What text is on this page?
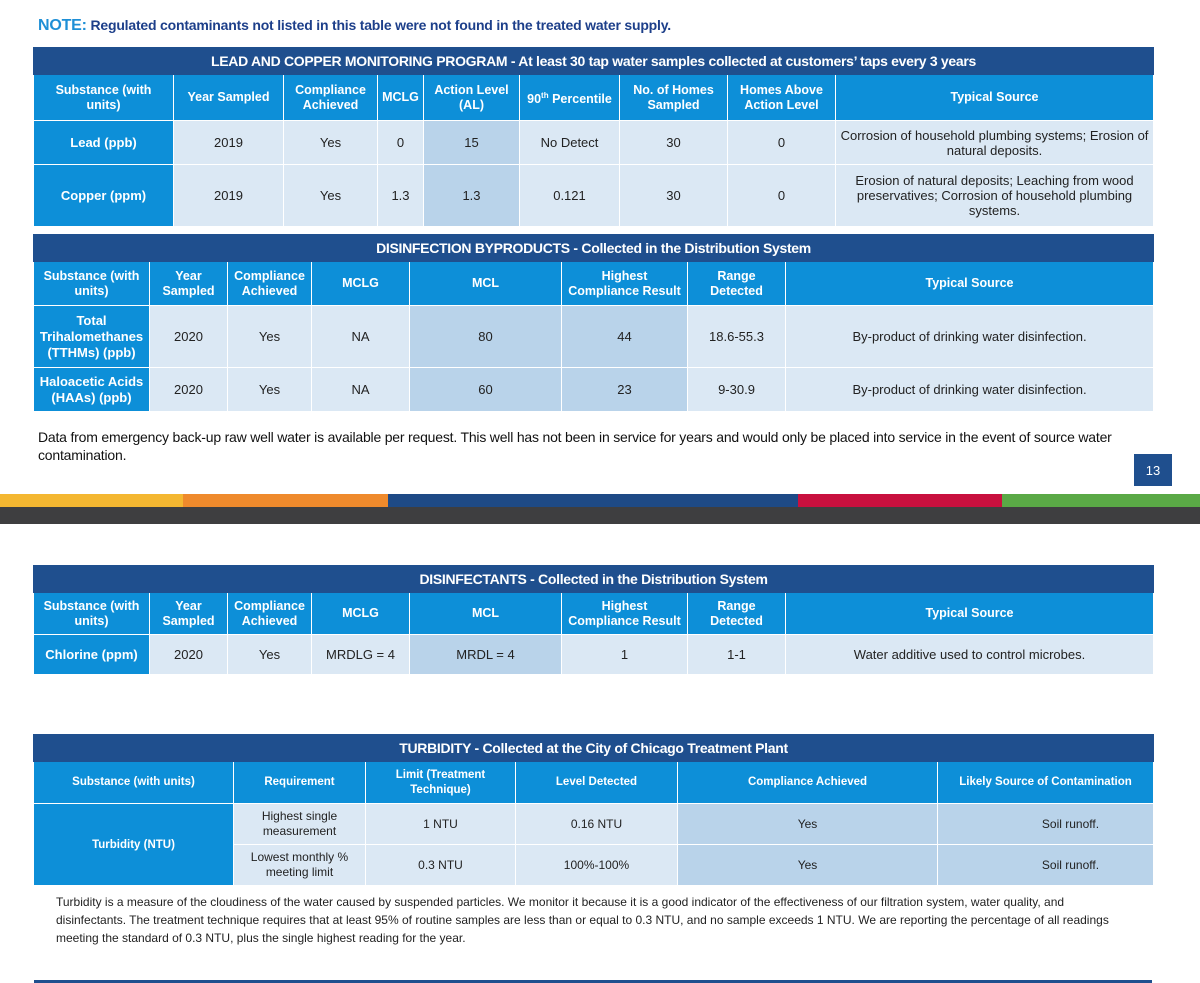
NOTE: Regulated contaminants not listed in this table were not found in the treated water supply.
LEAD AND COPPER MONITORING PROGRAM - At least 30 tap water samples collected at customers’ taps every 3 years								
Substance (with units)	Year Sampled	Compliance Achieved	MCLG	Action Level (AL)	90th Percentile	No. of Homes Sampled	Homes Above Action Level	Typical Source
Lead (ppb)	2019	Yes	0	15	No Detect	30	0	Corrosion of household plumbing systems; Erosion of natural deposits.
Copper (ppm)	2019	Yes	1.3	1.3	0.121	30	0	Erosion of natural deposits; Leaching from wood preservatives; Corrosion of household plumbing systems.
DISINFECTION BYPRODUCTS - Collected in the Distribution System							
Substance (with units)	Year Sampled	Compliance Achieved	MCLG	MCL	Highest Compliance Result	Range Detected	Typical Source
Total Trihalomethanes (TTHMs) (ppb)	2020	Yes	NA	80	44	18.6-55.3	By-product of drinking water disinfection.
Haloacetic Acids (HAAs) (ppb)	2020	Yes	NA	60	23	9-30.9	By-product of drinking water disinfection.
Data from emergency back-up raw well water is available per request. This well has not been in service for years and would only be placed into service in the event of source water contamination.
13
DISINFECTANTS - Collected in the Distribution System							
Substance (with units)	Year Sampled	Compliance Achieved	MCLG	MCL	Highest Compliance Result	Range Detected	Typical Source
Chlorine (ppm)	2020	Yes	MRDLG = 4	MRDL = 4	1	1-1	Water additive used to control microbes.
TURBIDITY - Collected at the City of Chicago Treatment Plant					
Substance (with units)	Requirement	Limit (Treatment Technique)	Level Detected	Compliance Achieved	Likely Source of Contamination
Turbidity (NTU)	Highest single measurement	1 NTU	0.16 NTU	Yes	Soil runoff.
	Lowest monthly % meeting limit	0.3 NTU	100%-100%	Yes	Soil runoff.
Turbidity is a measure of the cloudiness of the water caused by suspended particles. We monitor it because it is a good indicator of the effectiveness of our filtration system, water quality, and disinfectants. The treatment technique requires that at least 95% of routine samples are less than or equal to 0.3 NTU, and no sample exceeds 1 NTU. We are reporting the percentage of all readings meeting the standard of 0.3 NTU, plus the single highest reading for the year.
